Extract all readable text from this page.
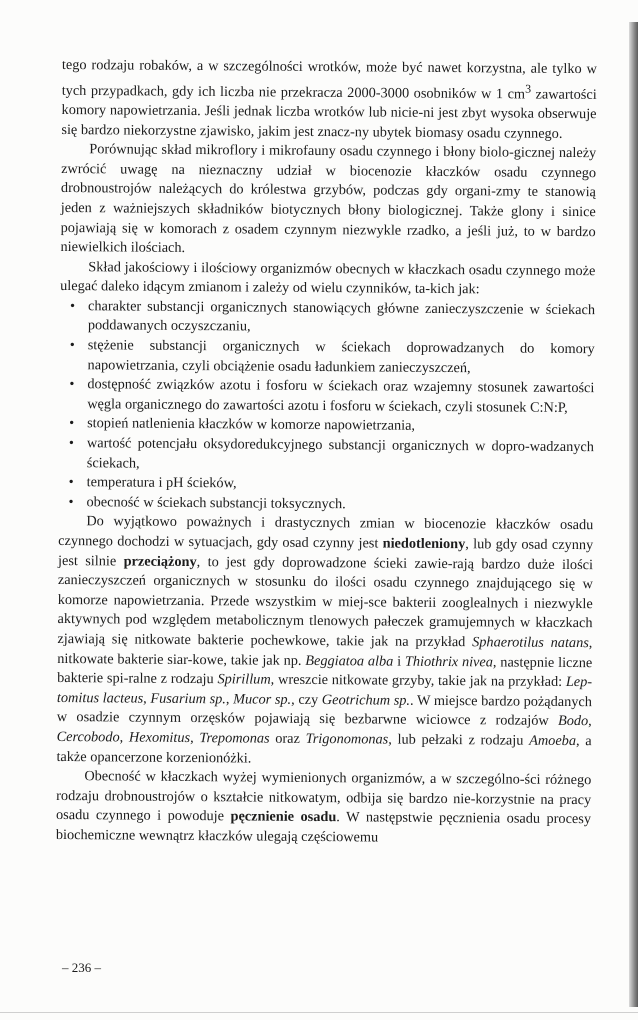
tego rodzaju robaków, a w szczególności wrotków, może być nawet korzystna, ale tylko w tych przypadkach, gdy ich liczba nie przekracza 2000-3000 osobników w 1 $cm^3$ zawartości komory napowietrzania. Jeśli jednak liczba wrotków lub nicie-ni jest zbyt wysoka obserwuje się bardzo niekorzystne zjawisko, jakim jest znacz-ny ubytek biomasy osadu czynnego.

Porównując skład mikroflory i mikrofauny osadu czynnego i błony biolo-gicznej należy zwrócić uwagę na nieznaczny udział w biocenozie kłaczków osadu czynnego drobnoustrojów należących do królestwa grzybów, podczas gdy organi-zmy te stanowią jeden z ważniejszych składników biotycznych błony biologicznej. Także glony i sinice pojawiają się w komorach z osadem czynnym niezwykle rzadko, a jeśli już, to w bardzo niewielkich ilościach.

Skład jakościowy i ilościowy organizmów obecnych w kłaczkach osadu czynnego może ulegać daleko idącym zmianom i zależy od wielu czynników, ta-kich jak:

• charakter substancji organicznych stanowiących główne zanieczyszczenie w ściekach poddawanych oczyszczaniu,
• stężenie substancji organicznych w ściekach doprowadzanych do komory napowietrzania, czyli obciążenie osadu ładunkiem zanieczyszczeń,
• dostępność związków azotu i fosforu w ściekach oraz wzajemny stosunek zawartości węgla organicznego do zawartości azotu i fosforu w ściekach, czyli stosunek C:N:P,
• stopień natlenienia kłaczków w komorze napowietrzania,
• wartość potencjału oksydoredukcyjnego substancji organicznych w dopro-wadzanych ściekach,
• temperatura i pH ścieków,
• obecność w ściekach substancji toksycznych.

Do wyjątkowo poważnych i drastycznych zmian w biocenozie kłaczków osadu czynnego dochodzi w sytuacjach, gdy osad czynny jest niedotleniony, lub gdy osad czynny jest silnie przeciążony, to jest gdy doprowadzone ścieki zawie-rają bardzo duże ilości zanieczyszczeń organicznych w stosunku do ilości osadu czynnego znajdującego się w komorze napowietrzania. Przede wszystkim w miej-sce bakterii zooglealnych i niezwykle aktywnych pod względem metabolicznym tlenowych pałeczek gramujemnych w kłaczkach zjawiają się nitkowate bakterie pochewkowe, takie jak na przykład Sphaerotilus natans, nitkowate bakterie siar-kowe, takie jak np. Beggiatoa alba i Thiothrix nivea, następnie liczne bakterie spi-ralne z rodzaju Spirillum, wreszcie nitkowate grzyby, takie jak na przykład: Lep-tomitus lacteus, Fusarium sp., Mucor sp., czy Geotrichum sp.. W miejsce bardzo pożądanych w osadzie czynnym orzęsków pojawiają się bezbarwne wiciowce z rodzajów Bodo, Cercobodo, Hexomitus, Trepomonas oraz Trigonomonas, lub pełzaki z rodzaju Amoeba, a także opancerzone korzenionóżki.

Obecność w kłaczkach wyżej wymienionych organizmów, a w szczególno-ści różnego rodzaju drobnoustrojów o kształcie nitkowatym, odbija się bardzo nie-korzystnie na pracy osadu czynnego i powoduje pęcznienie osadu. W następstwie pęcznienia osadu procesy biochemiczne wewnątrz kłaczków ulegają częściowemu

– 236 –
